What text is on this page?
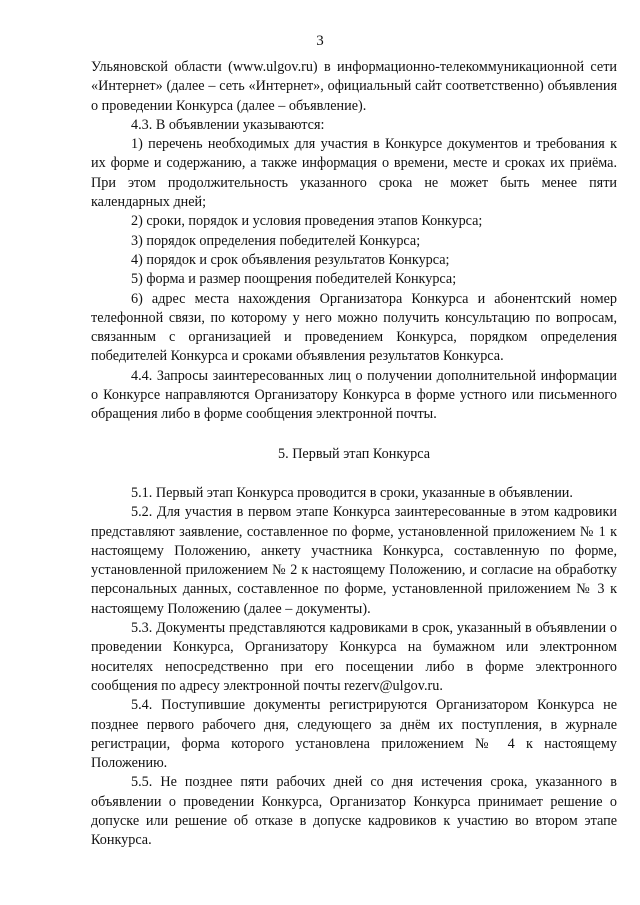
3

Ульяновской области (www.ulgov.ru) в информационно-телекоммуникационной сети «Интернет» (далее – сеть «Интернет», официальный сайт соответственно) объявления о проведении Конкурса (далее – объявление).

4.3. В объявлении указываются:

1) перечень необходимых для участия в Конкурсе документов и требования к их форме и содержанию, а также информация о времени, месте и сроках их приёма. При этом продолжительность указанного срока не может быть менее пяти календарных дней;

2) сроки, порядок и условия проведения этапов Конкурса;

3) порядок определения победителей Конкурса;

4) порядок и срок объявления результатов Конкурса;

5) форма и размер поощрения победителей Конкурса;

6) адрес места нахождения Организатора Конкурса и абонентский номер телефонной связи, по которому у него можно получить консультацию по вопросам, связанным с организацией и проведением Конкурса, порядком определения победителей Конкурса и сроками объявления результатов Конкурса.

4.4. Запросы заинтересованных лиц о получении дополнительной информации о Конкурсе направляются Организатору Конкурса в форме устного или письменного обращения либо в форме сообщения электронной почты.

5. Первый этап Конкурса

5.1. Первый этап Конкурса проводится в сроки, указанные в объявлении.

5.2. Для участия в первом этапе Конкурса заинтересованные в этом кадровики представляют заявление, составленное по форме, установленной приложением № 1 к настоящему Положению, анкету участника Конкурса, составленную по форме, установленной приложением № 2 к настоящему Положению, и согласие на обработку персональных данных, составленное по форме, установленной приложением № 3 к настоящему Положению (далее – документы).

5.3. Документы представляются кадровиками в срок, указанный в объявлении о проведении Конкурса, Организатору Конкурса на бумажном или электронном носителях непосредственно при его посещении либо в форме электронного сообщения по адресу электронной почты rezerv@ulgov.ru.

5.4. Поступившие документы регистрируются Организатором Конкурса не позднее первого рабочего дня, следующего за днём их поступления, в журнале регистрации, форма которого установлена приложением № 4 к настоящему Положению.

5.5. Не позднее пяти рабочих дней со дня истечения срока, указанного в объявлении о проведении Конкурса, Организатор Конкурса принимает решение о допуске или решение об отказе в допуске кадровиков к участию во втором этапе Конкурса.
